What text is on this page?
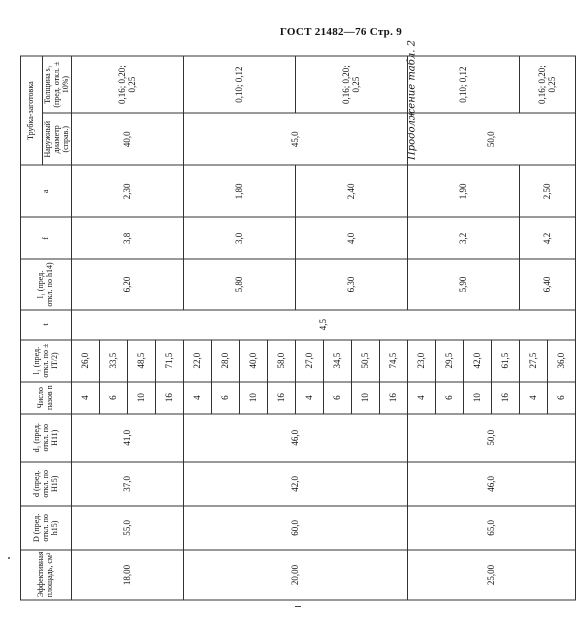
ГОСТ 21482—76 Стр. 9
Продолжение табл. 2
Эффективная площадь, см²	D (пред. откл. по h15)	d (пред. откл. по H15)	d₁ (пред. откл. по H11)	Число пазов n	l₁ (пред. откл. по ± IT/2)	t	l₁ (пред. откл. по h14)	f	a	Трубка-заготовка	
										Наружный диаметр (справ.)	Толщина s₁ (пред. откл. ± 10%)
18,00	55,0	37,0	41,0	4	26,0	4,5	6,20	3,8	2,30	40,0	0,16; 0,20; 0,25
				6	33,5						
				10	48,5						
				16	71,5						
20,00	60,0	42,0	46,0	4	22,0		5,80	3,0	1,80	45,0	0,10; 0,12
				6	28,0						
				10	40,0						
				16	58,0						
				4	27,0		6,30	4,0	2,40		0,16; 0,20; 0,25
				6	34,5						
				10	50,5						
				16	74,5						
25,00	65,0	46,0	50,0	4	23,0		5,90	3,2	1,90	50,0	0,10; 0,12
				6	29,5						
				10	42,0						
				16	61,5						
				4	27,5		6,40	4,2	2,50		0,16; 0,20; 0,25
				6	36,0						
